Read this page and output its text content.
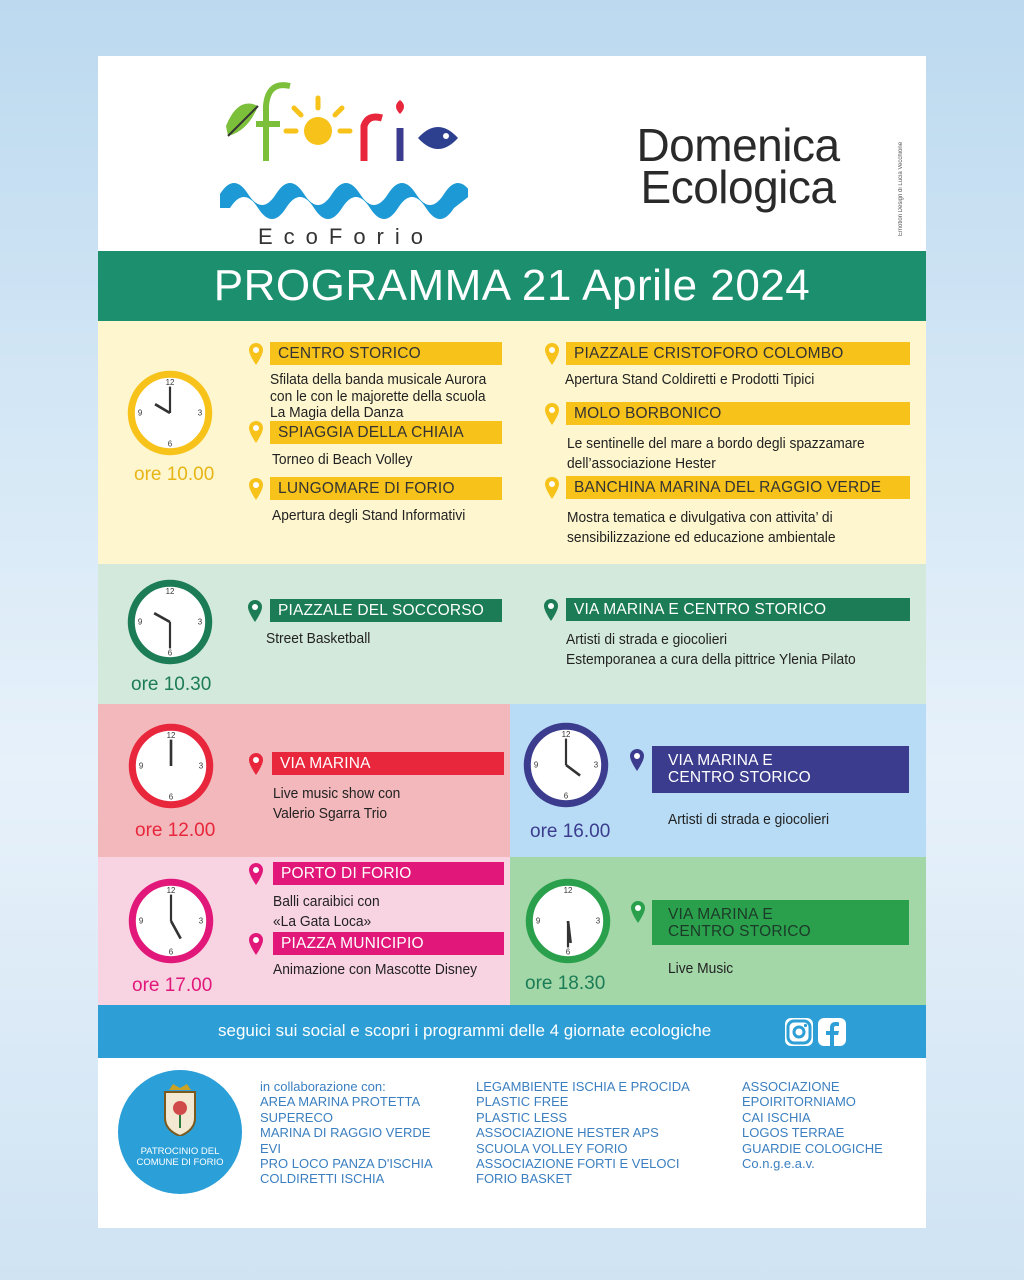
EcoForio
Domenica
Ecologica	Emotion Design di Lucia Vecchione
PROGRAMMA 21 Aprile 2024
12
3
6
9
ore 10.00
CENTRO STORICO
Sfilata della banda musicale Aurora
con le con le majorette della scuola
La Magia della Danza
SPIAGGIA DELLA CHIAIA
Torneo di Beach Volley
LUNGOMARE DI FORIO
Apertura degli Stand Informativi
PIAZZALE CRISTOFORO COLOMBO
Apertura Stand Coldiretti e Prodotti Tipici
MOLO BORBONICO
Le sentinelle del mare a bordo degli spazzamare
dell’associazione Hester
BANCHINA MARINA DEL RAGGIO VERDE
Mostra tematica e divulgativa con attivita’ di
sensibilizzazione ed educazione ambientale
12
3
6
9
ore 10.30
PIAZZALE DEL SOCCORSO
Street Basketball
VIA MARINA E CENTRO STORICO
Artisti di strada e giocolieri
Estemporanea a cura della pittrice Ylenia Pilato
12
3
6
9
ore 12.00
VIA MARINA
Live music show con
Valerio Sgarra Trio
12
3
6
9
ore 16.00
VIA MARINA E
CENTRO STORICO
Artisti di strada e giocolieri
12
3
6
9
ore 17.00
PORTO DI FORIO
Balli caraibici con
«La Gata Loca»
PIAZZA MUNICIPIO
Animazione con Mascotte Disney
12
3
6
9
ore 18.30
VIA MARINA E
CENTRO STORICO
Live Music
seguici sui social e scopri i programmi delle 4 giornate ecologiche
PATROCINIO DEL
COMUNE DI FORIO
in collaborazione con:
AREA MARINA PROTETTA
SUPERECO
MARINA DI RAGGIO VERDE
EVI
PRO LOCO PANZA D'ISCHIA
COLDIRETTI ISCHIA
LEGAMBIENTE ISCHIA E PROCIDA
PLASTIC FREE
PLASTIC LESS
ASSOCIAZIONE HESTER APS
SCUOLA VOLLEY FORIO
ASSOCIAZIONE FORTI E VELOCI
FORIO BASKET
ASSOCIAZIONE
EPOIRITORNIAMO
CAI ISCHIA
LOGOS TERRAE
GUARDIE COLOGICHE
Co.n.g.e.a.v.
